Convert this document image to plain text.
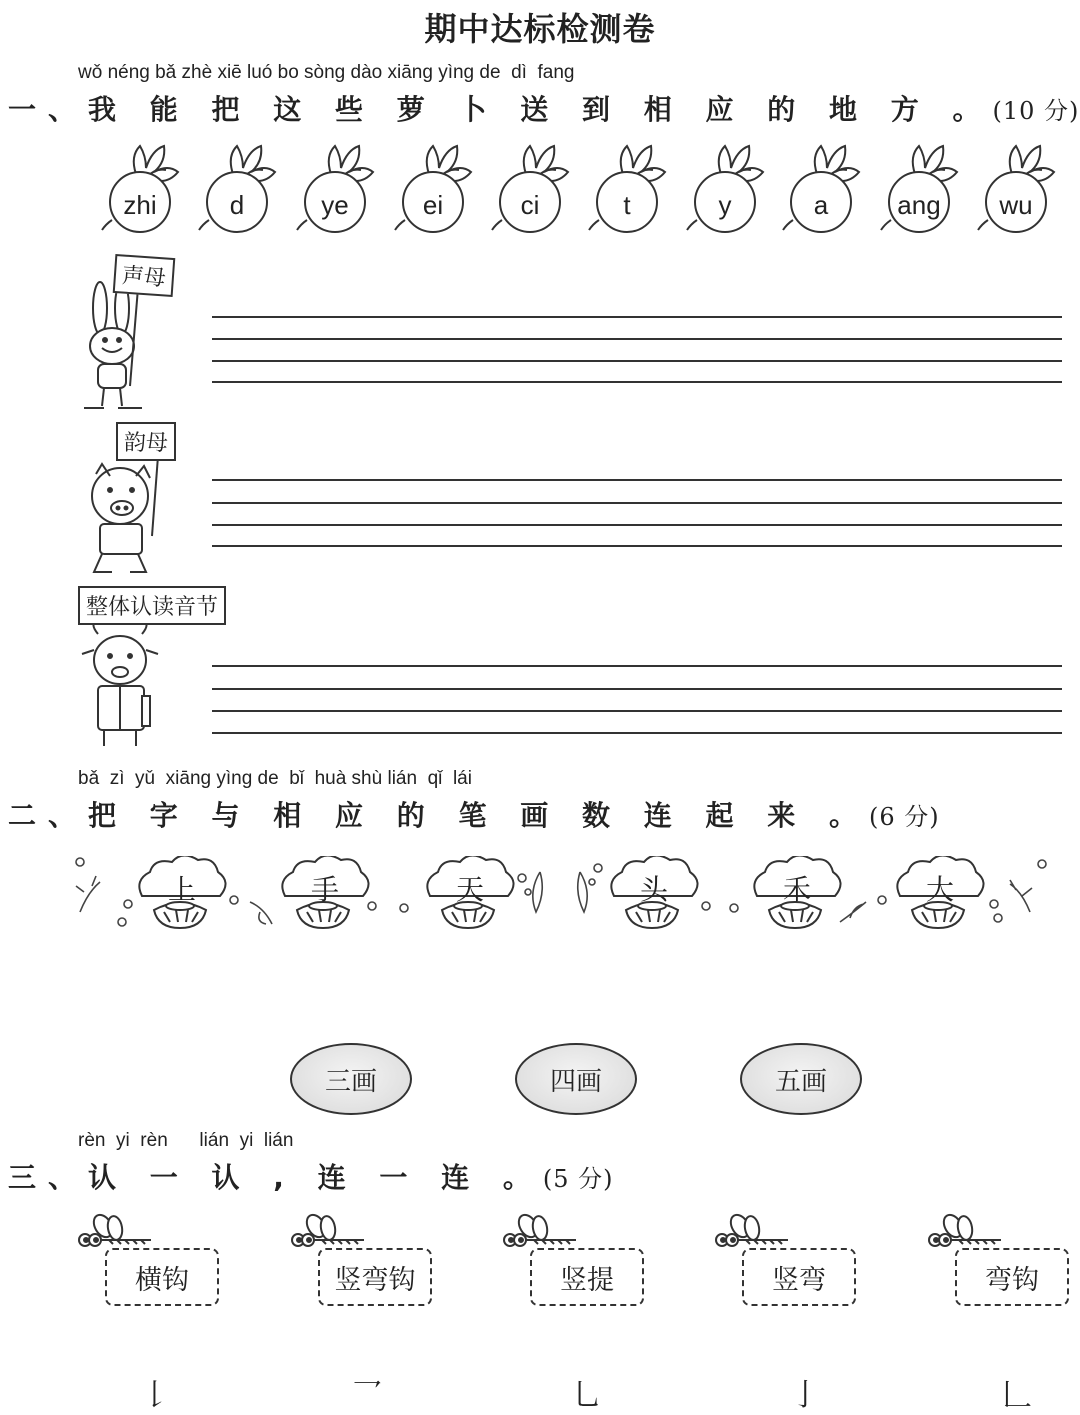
期中达标检测卷
wǒ néng bǎ zhè xiē luó bo sòng dào xiāng yìng de  dì  fang
一、我 能 把 这 些 萝 卜 送 到 相 应 的 地 方 。(10 分)
zhi	d	ye	ei	ci	t	y	a	ang	wu
声母
韵母
整体认读音节
bǎ  zì  yǔ  xiāng yìng de  bǐ  huà shù lián  qǐ  lái
二、把 字 与 相 应 的 笔 画 数 连 起 来 。(6 分)
上	手	天	头	禾	大
三画	四画	五画
rèn  yi  rèn      lián  yi  lián
三、认 一 认 , 连 一 连 。(5 分)
横钩	竖弯钩	竖提	竖弯	弯钩
𠄌	乛	乚	亅	𠃊
